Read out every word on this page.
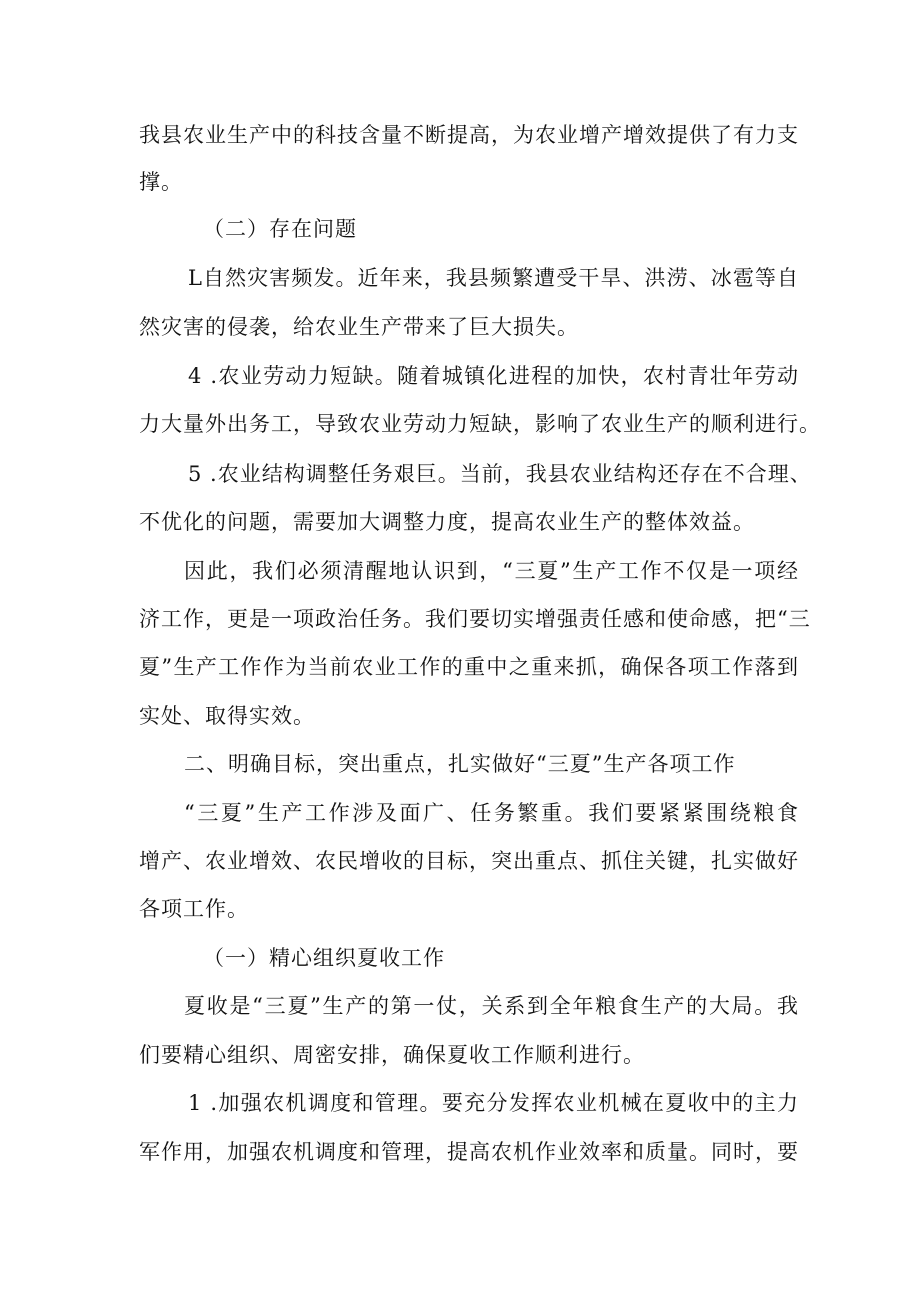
我县农业生产中的科技含量不断提高，为农业增产增效提供了有力支
撑。
（二）存在问题
L自然灾害频发。近年来，我县频繁遭受干旱、洪涝、冰雹等自
然灾害的侵袭，给农业生产带来了巨大损失。
4 .农业劳动力短缺。随着城镇化进程的加快，农村青壮年劳动
力大量外出务工，导致农业劳动力短缺，影响了农业生产的顺利进行。
5 .农业结构调整任务艰巨。当前，我县农业结构还存在不合理、
不优化的问题，需要加大调整力度，提高农业生产的整体效益。
因此，我们必须清醒地认识到，“三夏”生产工作不仅是一项经
济工作，更是一项政治任务。我们要切实增强责任感和使命感，把“三
夏”生产工作作为当前农业工作的重中之重来抓，确保各项工作落到
实处、取得实效。
二、明确目标，突出重点，扎实做好“三夏”生产各项工作
“三夏”生产工作涉及面广、任务繁重。我们要紧紧围绕粮食
增产、农业增效、农民增收的目标，突出重点、抓住关键，扎实做好
各项工作。
（一）精心组织夏收工作
夏收是“三夏”生产的第一仗，关系到全年粮食生产的大局。我
们要精心组织、周密安排，确保夏收工作顺利进行。
1 .加强农机调度和管理。要充分发挥农业机械在夏收中的主力
军作用，加强农机调度和管理，提高农机作业效率和质量。同时，要
